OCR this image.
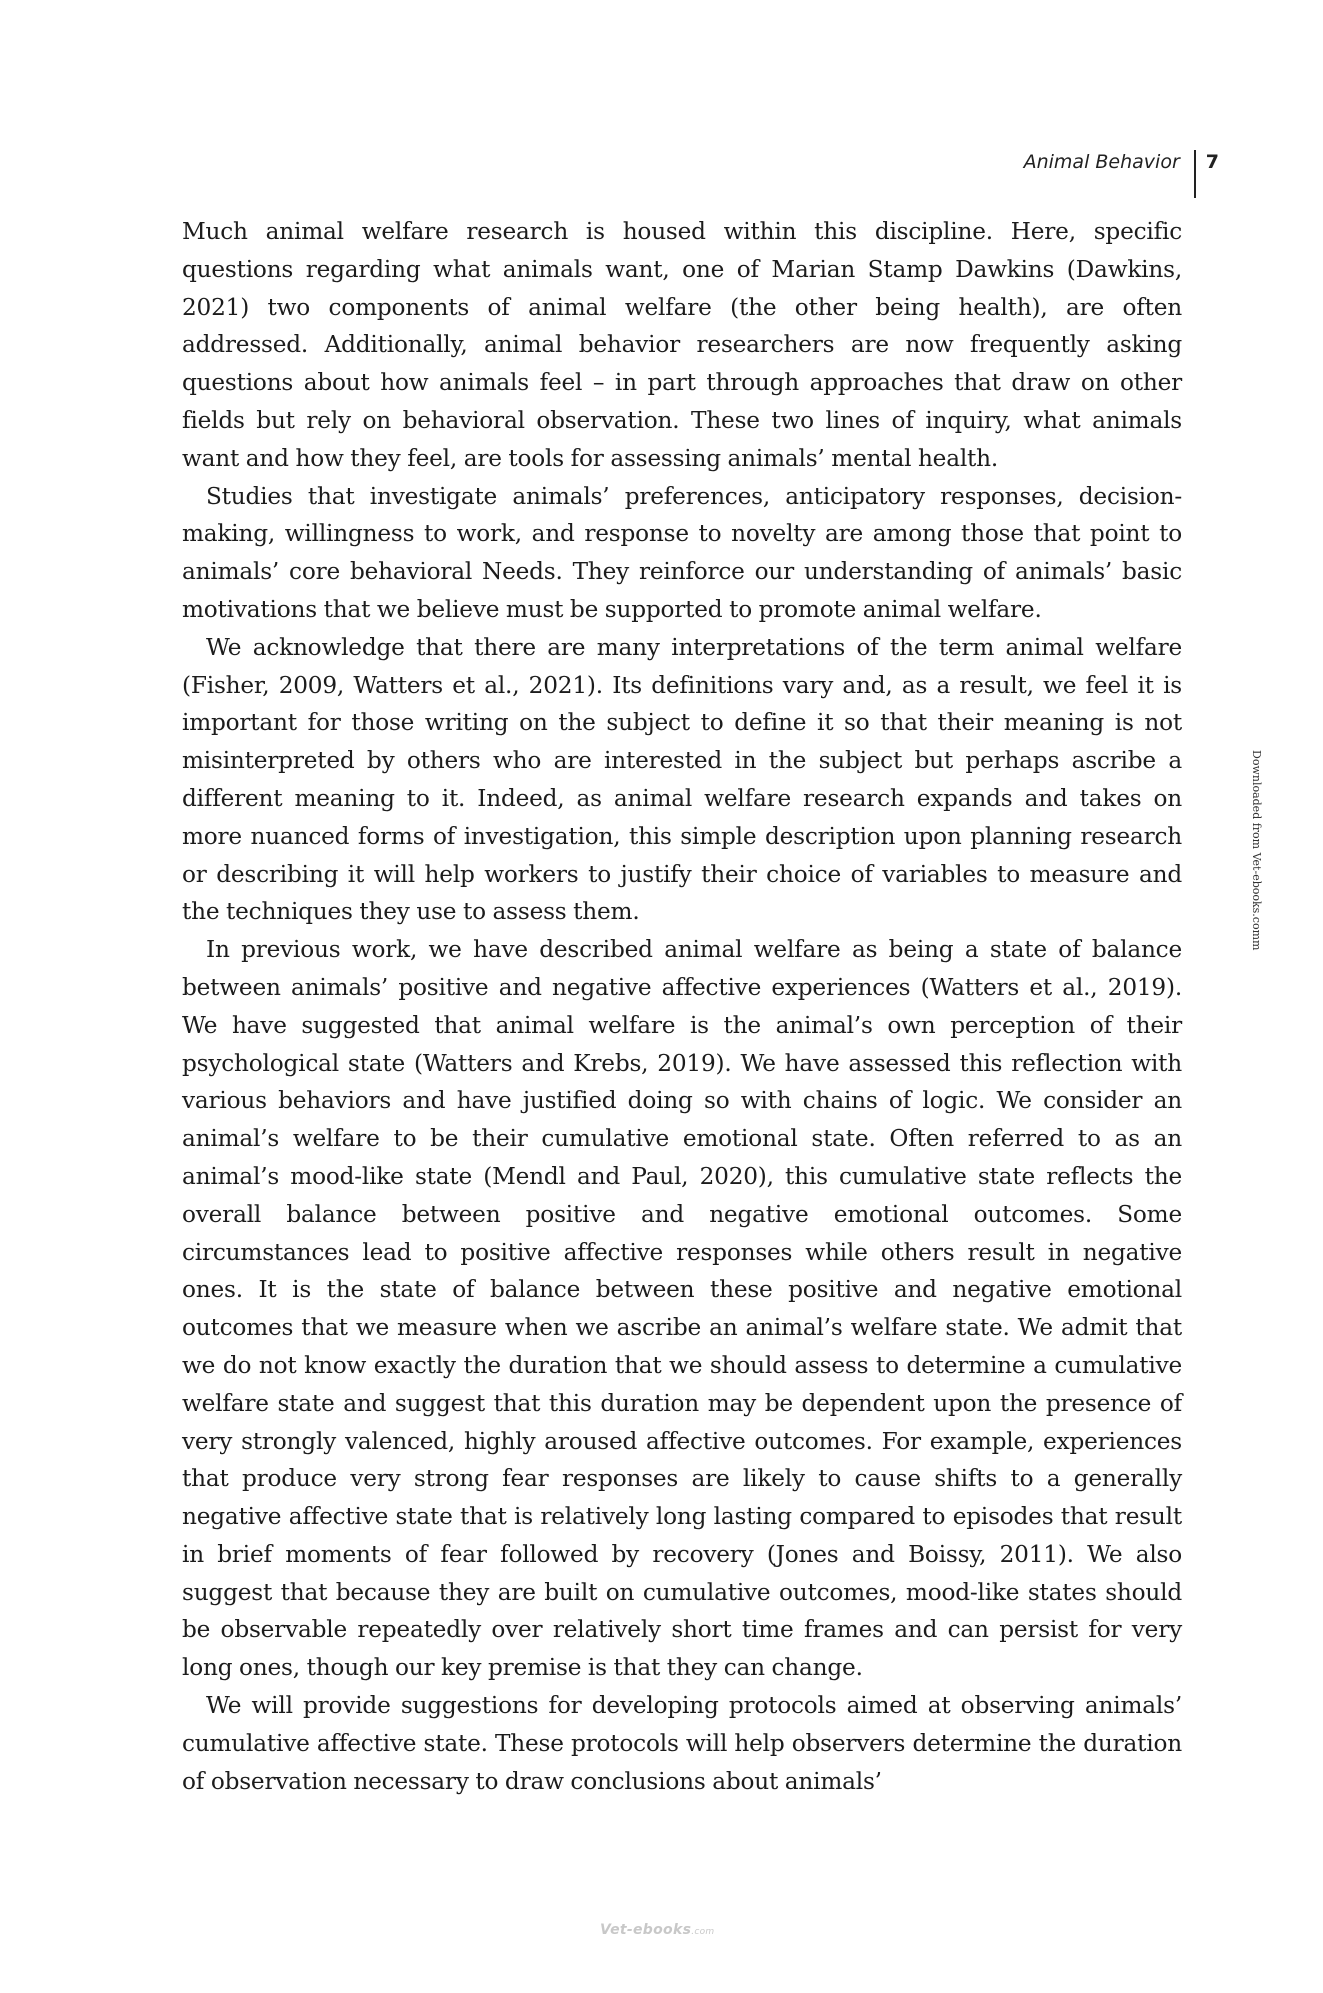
Animal Behavior	7

Much animal welfare research is housed within this discipline. Here, specific questions regarding what animals want, one of Marian Stamp Dawkins (Dawkins, 2021) two components of animal welfare (the other being health), are often addressed. Additionally, animal behavior researchers are now frequently asking questions about how animals feel – in part through approaches that draw on other fields but rely on behavioral observation. These two lines of inquiry, what animals want and how they feel, are tools for assessing animals’ mental health.

Studies that investigate animals’ preferences, anticipatory responses, decision-making, willingness to work, and response to novelty are among those that point to animals’ core behavioral Needs. They reinforce our understanding of animals’ basic motivations that we believe must be supported to promote animal welfare.

We acknowledge that there are many interpretations of the term animal welfare (Fisher, 2009, Watters et al., 2021). Its definitions vary and, as a result, we feel it is important for those writing on the subject to define it so that their meaning is not misinterpreted by others who are interested in the subject but perhaps ascribe a different meaning to it. Indeed, as animal welfare research expands and takes on more nuanced forms of investigation, this simple description upon planning research or describing it will help workers to justify their choice of variables to measure and the techniques they use to assess them.

In previous work, we have described animal welfare as being a state of balance between animals’ positive and negative affective experiences (Watters et al., 2019). We have suggested that animal welfare is the animal’s own perception of their psychological state (Watters and Krebs, 2019). We have assessed this reflection with various behaviors and have justified doing so with chains of logic. We consider an animal’s welfare to be their cumulative emotional state. Often referred to as an animal’s mood-like state (Mendl and Paul, 2020), this cumulative state reflects the overall balance between positive and negative emotional outcomes. Some circumstances lead to positive affective responses while others result in negative ones. It is the state of balance between these positive and negative emotional outcomes that we measure when we ascribe an animal’s welfare state. We admit that we do not know exactly the duration that we should assess to determine a cumulative welfare state and suggest that this duration may be dependent upon the presence of very strongly valenced, highly aroused affective outcomes. For example, experiences that produce very strong fear responses are likely to cause shifts to a generally negative affective state that is relatively long lasting compared to episodes that result in brief moments of fear followed by recovery (Jones and Boissy, 2011). We also suggest that because they are built on cumulative outcomes, mood-like states should be observable repeatedly over relatively short time frames and can persist for very long ones, though our key premise is that they can change.

We will provide suggestions for developing protocols aimed at observing animals’ cumulative affective state. These protocols will help observers determine the duration of observation necessary to draw conclusions about animals’

Downloaded from Vet-ebooks.comm
Vet-ebooks.com
